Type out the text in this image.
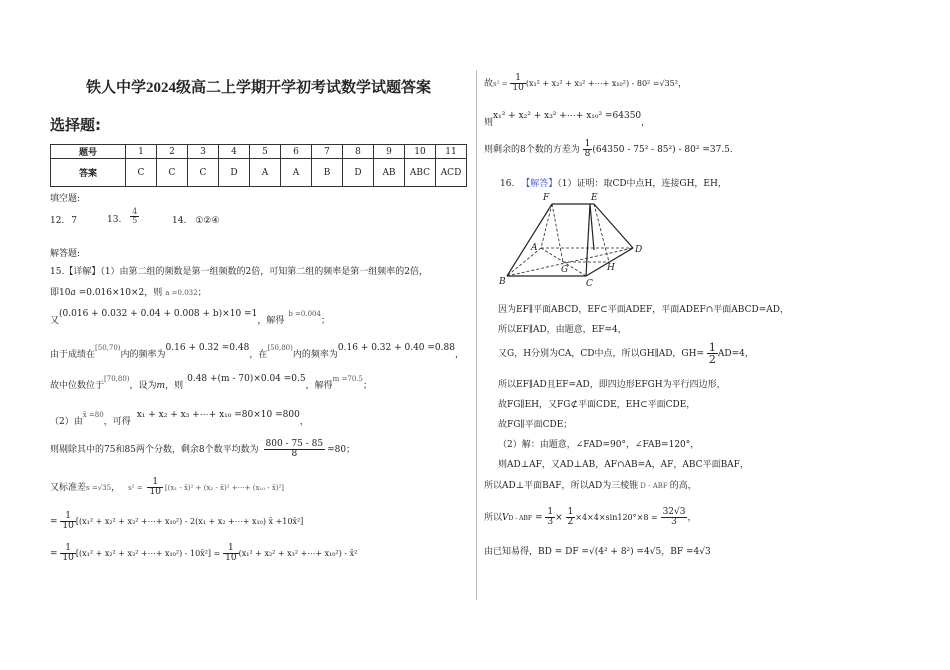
铁人中学2024级高二上学期开学初考试数学试题答案
选择题:
题号	1	2	3	4	5	6	7	8	9	10	11
答案	C	C	C	D	A	A	B	D	AB	ABC	ACD
填空题:
12. 7	13. $\frac{4}{5}$	14. ①②④
解答题:
15.【详解】（1）由第二组的频数是第一组频数的2倍，可知第二组的频率是第一组频率的2倍，
即10a =0.016×10×2，则 a =0.032；
又(0.016 + 0.032 + 0.04 + 0.008 + b)×10 =1，解得b =0.004；
由于成绩在[50,70)内的频率为0.16 + 0.32 =0.48，在[50,80)内的频率为0.16 + 0.32 + 0.40 =0.88，
故中位数位于[70,80)，设为m，则0.48 +(m - 70)×0.04 =0.5，解得m =70.5；
（2）由x̄ =80，可得x₁ + x₂ + x₃ +⋯+ x₁₀ =80×10 =800，
则剔除其中的75和85两个分数，剩余8个数平均数为 $\frac{800 - 75 - 85}{8} =80$；
又标准差s =√35， $s^2 = \frac{1}{10} [(x_1$ - x̄)² + (x₂ - x̄)² +⋯+ (x₁₀ - x̄)²]
= $\frac{1}{10} [(x_1^2 + x_2^2 + x_3^2$ +⋯+ x₁₀²) - 2(x₁ + x₂ +⋯+ x₁₀) x̄ +10x̄²]
= $\frac{1}{10} [(x_1^2 + x_2^2 + x_3^2$ +⋯+ x₁₀²) - 10x̄²] = $\frac{1}{10} (x_1^2 + x_2^2 + x_3^2$ +⋯+ x₁₀²) - x̄²
故$s^2 = \frac{1}{10} (x_1^2 + x_2^2 + x_3^2$ +⋯+ x₁₀²) - 80² =√35²，
则x₁² + x₂² + x₃² +⋯+ x₁₀² =64350，
则剩余的8个数的方差为 $\frac{1}{8} (64350 - 75^2 - 85^2) - 80^2 =37.5$．
16. 【解答】（1）证明：取CD中点H，连接GH，EH，
F	E
A	D
G	H
B	C
因为EF∥平面ABCD，EF⊂平面ADEF，平面ADEF∩平面ABCD=AD，
所以EF∥AD，由题意，EF=4，
又G，H分别为CA，CD中点，所以GH∥AD，$GH= \frac{1}{2} AD=4$，
所以EF∥AD且EF=AD，即四边形EFGH为平行四边形，
故FG∥EH，又FG⊄平面CDE，EH⊂平面CDE，
故FG∥平面CDE；
（2）解：由题意，∠FAD=90°，∠FAB=120°，
则AD⊥AF，又AD⊥AB，AF∩AB=A，AF，ABC平面BAF，
所以AD⊥平面BAF，所以AD为三棱锥 D - ABF 的高，
所以VD - ABF = $\frac{1}{3} \times \frac{1}{2} \times 4\times 4\times\sin 120^\circ\times 8 = \frac{32√3}{3}$ ，
由已知易得，BD = DF =√(4² + 8²) =4√5，BF =4√3
